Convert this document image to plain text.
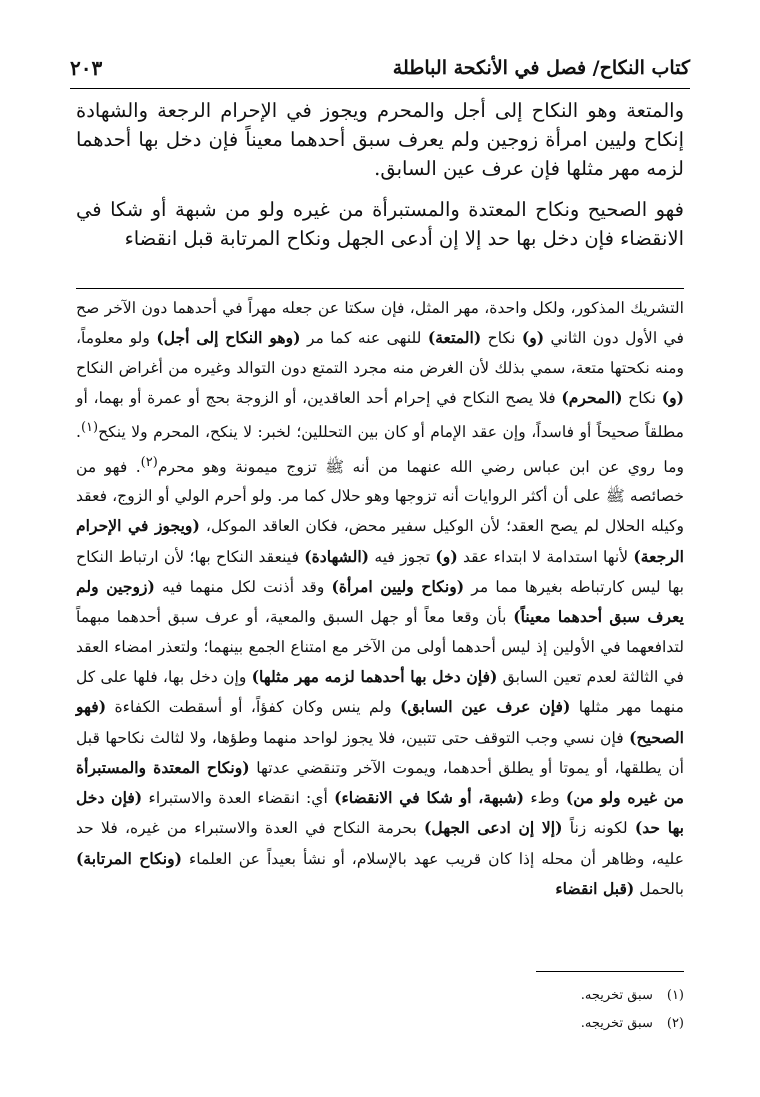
كتاب النكاح/ فصل في الأنكحة الباطلة
٢٠٣

والمتعة وهو النكاح إلى أجل والمحرم ويجوز في الإحرام الرجعة والشهادة إنكاح وليين امرأة زوجين ولم يعرف سبق أحدهما معيناً فإن دخل بها أحدهما لزمه مهر مثلها فإن عرف عين السابق.

فهو الصحيح ونكاح المعتدة والمستبرأة من غيره ولو من شبهة أو شكا في الانقضاء فإن دخل بها حد إلا إن أدعى الجهل ونكاح المرتابة قبل انقضاء

التشريك المذكور، ولكل واحدة، مهر المثل، فإن سكتا عن جعله مهراً في أحدهما دون الآخر صح في الأول دون الثاني (و) نكاح (المتعة) للنهى عنه كما مر (وهو النكاح إلى أجل) ولو معلوماً، ومنه نكحتها متعة، سمي بذلك لأن الغرض منه مجرد التمتع دون التوالد وغيره من أغراض النكاح (و) نكاح (المحرم) فلا يصح النكاح في إحرام أحد العاقدين، أو الزوجة بحج أو عمرة أو بهما، أو مطلقاً صحيحاً أو فاسداً، وإن عقد الإمام أو كان بين التحللين؛ لخبر: لا ينكح، المحرم ولا ينكح$^{(١)}$. وما روي عن ابن عباس رضي الله عنهما من أنه ﷺ تزوج ميمونة وهو محرم$^{(٢)}$. فهو من خصائصه ﷺ على أن أكثر الروايات أنه تزوجها وهو حلال كما مر. ولو أحرم الولي أو الزوج، فعقد وكيله الحلال لم يصح العقد؛ لأن الوكيل سفير محض، فكان العاقد الموكل، (ويجوز في الإحرام الرجعة) لأنها استدامة لا ابتداء عقد (و) تجوز فيه (الشهادة) فينعقد النكاح بها؛ لأن ارتباط النكاح بها ليس كارتباطه بغيرها مما مر (ونكاح وليين امرأة) وقد أذنت لكل منهما فيه (زوجين ولم يعرف سبق أحدهما معيناً) بأن وقعا معاً أو جهل السبق والمعية، أو عرف سبق أحدهما مبهماً لتدافعهما في الأولين إذ ليس أحدهما أولى من الآخر مع امتناع الجمع بينهما؛ ولتعذر امضاء العقد في الثالثة لعدم تعين السابق (فإن دخل بها أحدهما لزمه مهر مثلها) وإن دخل بها، فلها على كل منهما مهر مثلها (فإن عرف عين السابق) ولم ينس وكان كفؤاً، أو أسقطت الكفاءة (فهو الصحيح) فإن نسي وجب التوقف حتى تتبين، فلا يجوز لواحد منهما وطؤها، ولا لثالث نكاحها قبل أن يطلقها، أو يموتا أو يطلق أحدهما، ويموت الآخر وتنقضي عدتها (ونكاح المعتدة والمستبرأة من غيره ولو من) وطء (شبهة، أو شكا في الانقضاء) أي: انقضاء العدة والاستبراء (فإن دخل بها حد) لكونه زناً (إلا إن ادعى الجهل) بحرمة النكاح في العدة والاستبراء من غيره، فلا حد عليه، وظاهر أن محله إذا كان قريب عهد بالإسلام، أو نشأ بعيداً عن العلماء (ونكاح المرتابة) بالحمل (قبل انقضاء

(١)
سبق تخريجه.
(٢)
سبق تخريجه.
